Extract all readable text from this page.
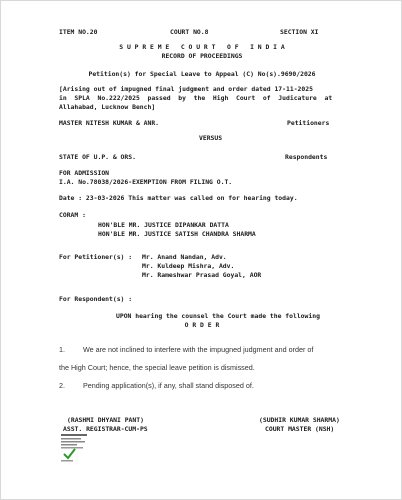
ITEM NO.20	COURT NO.8	SECTION XI
S U P R E M E   C O U R T   O F   I N D I A
RECORD OF PROCEEDINGS
Petition(s) for Special Leave to Appeal (C) No(s).9690/2026
[Arising out of impugned final judgment and order dated 17-11-2025
in  SPLA  No.222/2025  passed  by  the  High  Court  of  Judicature  at
Allahabad, Lucknow Bench]
MASTER NITESH KUMAR & ANR.	Petitioners
VERSUS
STATE OF U.P. & ORS.	Respondents
FOR ADMISSION
I.A. No.78038/2026-EXEMPTION FROM FILING O.T.
Date : 23-03-2026 This matter was called on for hearing today.
CORAM :
HON'BLE MR. JUSTICE DIPANKAR DATTA
HON'BLE MR. JUSTICE SATISH CHANDRA SHARMA
For Petitioner(s) : Mr. Anand Nandan, Adv.
Mr. Kuldeep Mishra, Adv.
Mr. Rameshwar Prasad Goyal, AOR
For Respondent(s) :
UPON hearing the counsel the Court made the following
O R D E R
1.	We are not inclined to interfere with the impugned judgment and order of
the High Court; hence, the special leave petition is dismissed.
2.	Pending application(s), if any, shall stand disposed of.
(RASHMI DHYANI PANT)
ASST. REGISTRAR-CUM-PS
(SUDHIR KUMAR SHARMA)
COURT MASTER (NSH)
